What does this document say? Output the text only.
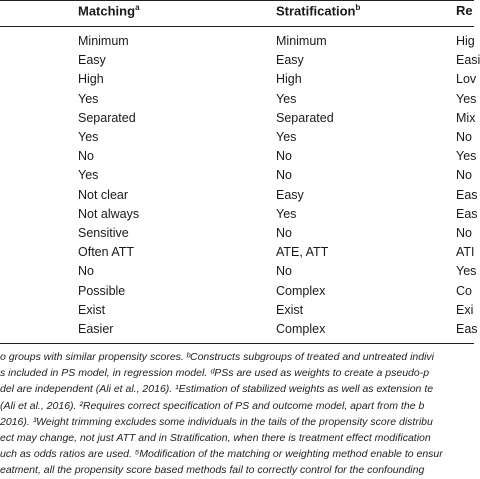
Matching$^a$	Stratification$^b$	Re
Minimum	Minimum	Hig
Easy	Easy	Easi
High	High	Lov
Yes	Yes	Yes
Separated	Separated	Mix
Yes	Yes	No
No	No	Yes
Yes	No	No
Not clear	Easy	Eas
Not always	Yes	Eas
Sensitive	No	No
Often ATT	ATE, ATT	ATI
No	No	Yes
Possible	Complex	Co
Exist	Exist	Exi
Easier	Complex	Eas
o groups with similar propensity scores. ᵇConstructs subgroups of treated and untreated indivi
s included in PS model, in regression model. ᵈPSs are used as weights to create a pseudo-p
del are independent (Ali et al., 2016). ¹Estimation of stabilized weights as well as extension te
(Ali et al., 2016). ²Requires correct specification of PS and outcome model, apart from the b
2016). ³Weight trimming excludes some individuals in the tails of the propensity score distribu
ect may change, not just ATT and in Stratification, when there is treatment effect modification
uch as odds ratios are used. ⁵Modification of the matching or weighting method enable to ensur
eatment, all the propensity score based methods fail to correctly control for the confounding
